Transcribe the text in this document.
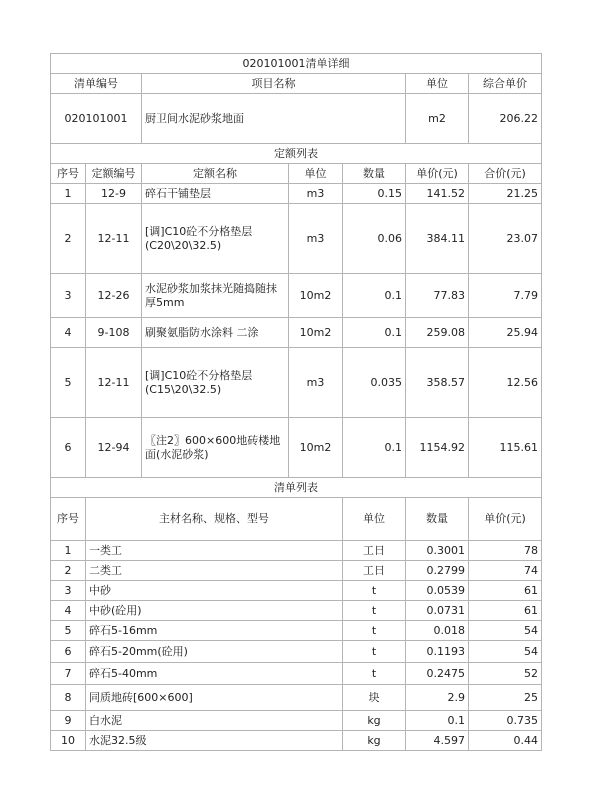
020101001清单详细							
清单编号		项目名称			单位	综合单价	
020101001		厨卫间水泥砂浆地面			m2	206.22	
定额列表							
序号	定额编号	定额名称	单位	数量	单价(元)	合价(元)	
1	12-9	碎石干铺垫层	m3	0.15	141.52	21.25	
2	12-11	[调]C10砼不分格垫层(C20\20\32.5)	m3	0.06	384.11	23.07	
3	12-26	水泥砂浆加浆抹光随捣随抹厚5mm	10m2	0.1	77.83	7.79	
4	9-108	刷聚氨脂防水涂料 二涂	10m2	0.1	259.08	25.94	
5	12-11	[调]C10砼不分格垫层(C15\20\32.5)	m3	0.035	358.57	12.56	
6	12-94	〖注2〗600×600地砖楼地面(水泥砂浆)	10m2	0.1	1154.92	115.61	
清单列表							
序号	主材名称、规格、型号			单位	数量	单价(元)	
1	一类工			工日	0.3001	78	
2	二类工			工日	0.2799	74	
3	中砂			t	0.0539	61	
4	中砂(砼用)			t	0.0731	61	
5	碎石5-16mm			t	0.018	54	
6	碎石5-20mm(砼用)			t	0.1193	54	
7	碎石5-40mm			t	0.2475	52	
8	同质地砖[600×600]			块	2.9	25	
9	白水泥			kg	0.1	0.735	
10	水泥32.5级			kg	4.597	0.44	
